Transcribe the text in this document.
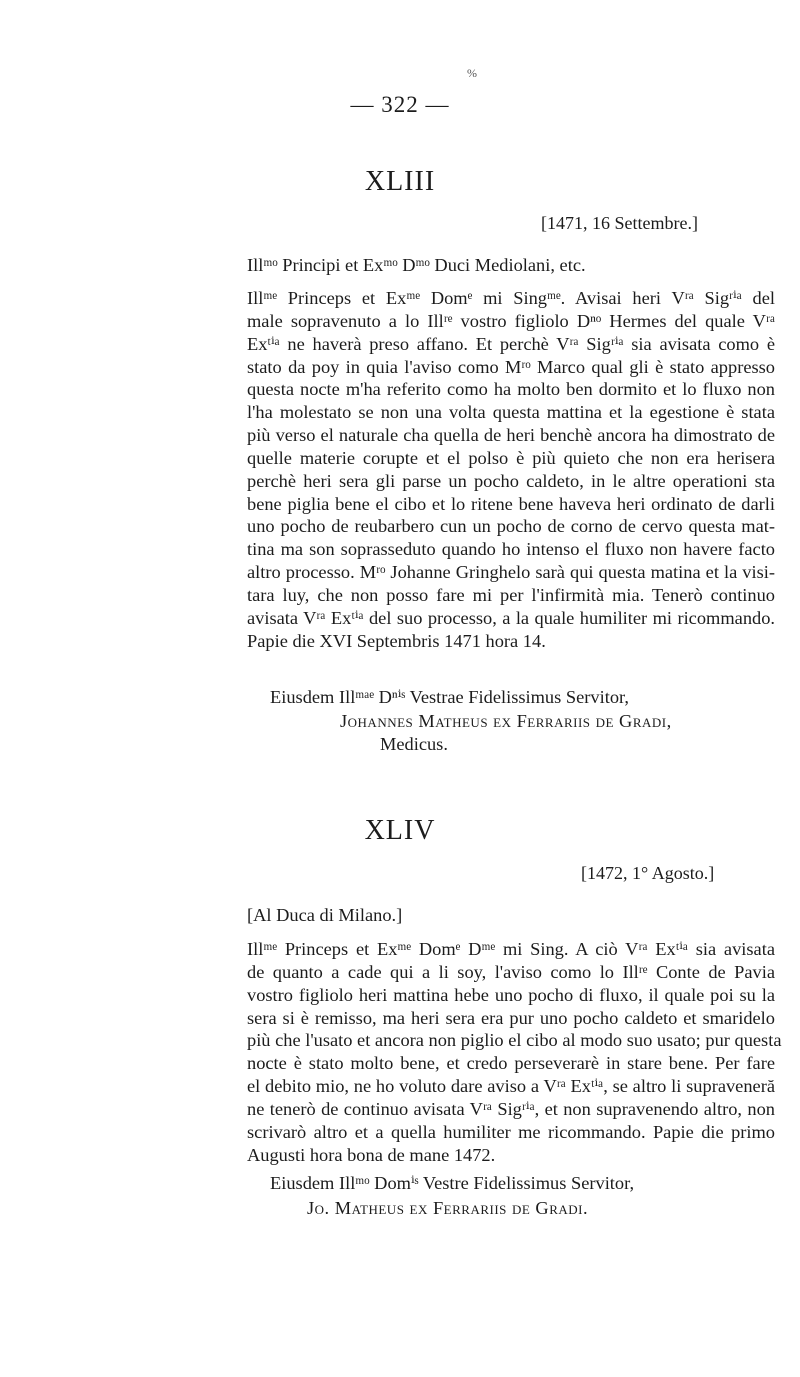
%
— 322 —
XLIII
[1471, 16 Settembre.]
Illᵐᵒ Principi et Exᵐᵒ Dᵐᵒ Duci Mediolani, etc.
Illᵐᵉ Princeps et Exᵐᵉ Domᵉ mi Singᵐᵉ. Avisai heri Vʳᵃ Sigʳⁱᵃ del
male sopravenuto a lo Illʳᵉ vostro figliolo Dⁿᵒ Hermes del quale Vʳᵃ
Exᵗⁱᵃ ne haverà preso affano. Et perchè Vʳᵃ Sigʳⁱᵃ sia avisata como è
stato da poy in quia l'aviso como Mʳᵒ Marco qual gli è stato appresso
questa nocte m'ha referito como ha molto ben dormito et lo fluxo non
l'ha molestato se non una volta questa mattina et la egestione è stata
più verso el naturale cha quella de heri benchè ancora ha dimostrato de
quelle materie corupte et el polso è più quieto che non era herisera
perchè heri sera gli parse un pocho caldeto, in le altre operationi sta
bene piglia bene el cibo et lo ritene bene haveva heri ordinato de darli
uno pocho de reubarbero cun un pocho de corno de cervo questa mat-
tina ma son soprasseduto quando ho intenso el fluxo non havere facto
altro processo. Mʳᵒ Johanne Gringhelo sarà qui questa matina et la visi-
tara luy, che non posso fare mi per l'infirmità mia. Tenerò continuo
avisata Vʳᵃ Exᵗⁱᵃ del suo processo, a la quale humiliter mi ricommando.
Papie die XVI Septembris 1471 hora 14.
Eiusdem Illᵐᵃᵉ Dⁿⁱˢ Vestrae Fidelissimus Servitor,
Johannes Matheus ex Ferrariis de Gradi,
Medicus.
XLIV
[1472, 1° Agosto.]
[Al Duca di Milano.]
Illᵐᵉ Princeps et Exᵐᵉ Domᵉ Dᵐᵉ mi Sing. A ciò Vʳᵃ Exᵗⁱᵃ sia avisata
de quanto a cade qui a li soy, l'aviso como lo Illʳᵉ Conte de Pavia
vostro figliolo heri mattina hebe uno pocho di fluxo, il quale poi su la
sera si è remisso, ma heri sera era pur uno pocho caldeto et smaridelo
più che l'usato et ancora non piglio el cibo al modo suo usato; pur questa
nocte è stato molto bene, et credo perseverarè in stare bene. Per fare
el debito mio, ne ho voluto dare aviso a Vʳᵃ Exᵗⁱᵃ, se altro li supraveneră
ne tenerò de continuo avisata Vʳᵃ Sigʳⁱᵃ, et non supravenendo altro, non
scrivarò altro et a quella humiliter me ricommando. Papie die primo
Augusti hora bona de mane 1472.
Eiusdem Illᵐᵒ Domⁱˢ Vestre Fidelissimus Servitor,
Jo. Matheus ex Ferrariis de Gradi.
